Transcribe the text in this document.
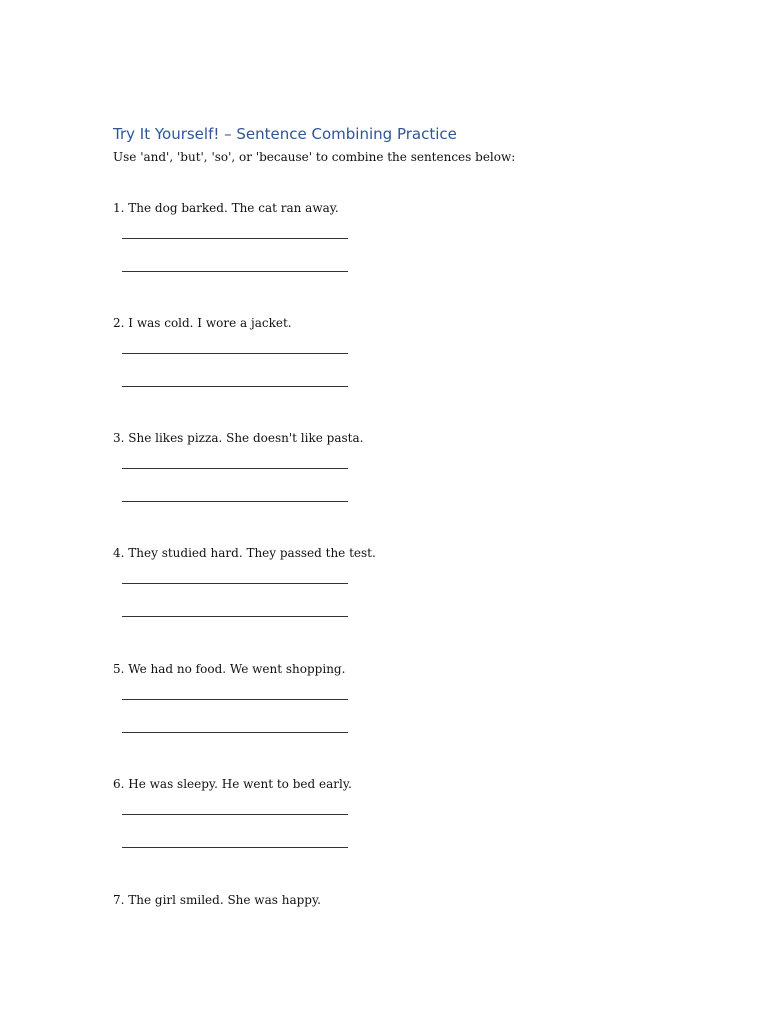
Try It Yourself! – Sentence Combining Practice

Use 'and', 'but', 'so', or 'because' to combine the sentences below:

1. The dog barked. The cat ran away.

2. I was cold. I wore a jacket.

3. She likes pizza. She doesn't like pasta.

4. They studied hard. They passed the test.

5. We had no food. We went shopping.

6. He was sleepy. He went to bed early.

7. The girl smiled. She was happy.
